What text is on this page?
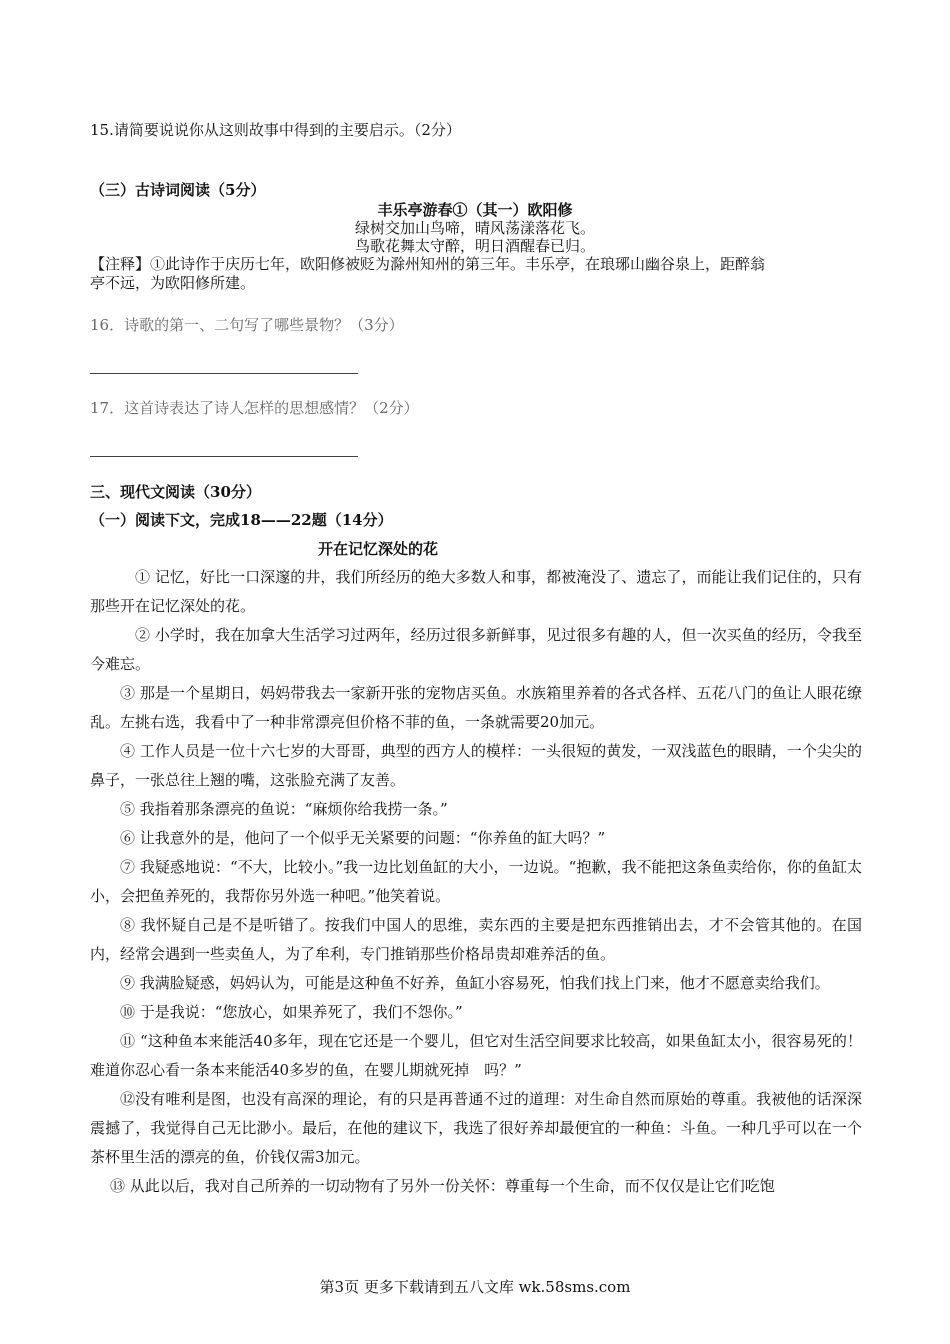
15.请简要说说你从这则故事中得到的主要启示。（2分）
（三）古诗词阅读（5分）
丰乐亭游春①（其一）欧阳修
绿树交加山鸟啼，晴风荡漾落花飞。
鸟歌花舞太守醉，明日酒醒春已归。
【注释】①此诗作于庆历七年，欧阳修被贬为滁州知州的第三年。丰乐亭，在琅琊山幽谷泉上，距醉翁
亭不远，为欧阳修所建。
16．诗歌的第一、二句写了哪些景物？（3分）
17．这首诗表达了诗人怎样的思想感情？（2分）
三、现代文阅读（30分）
（一）阅读下文，完成18——22题（14分）
开在记忆深处的花

① 记忆，好比一口深邃的井，我们所经历的绝大多数人和事，都被淹没了、遗忘了，而能让我们记住的，只有那些开在记忆深处的花。

② 小学时，我在加拿大生活学习过两年，经历过很多新鲜事，见过很多有趣的人，但一次买鱼的经历，令我至今难忘。

③ 那是一个星期日，妈妈带我去一家新开张的宠物店买鱼。水族箱里养着的各式各样、五花八门的鱼让人眼花缭乱。左挑右选，我看中了一种非常漂亮但价格不菲的鱼，一条就需要20加元。

④ 工作人员是一位十六七岁的大哥哥，典型的西方人的模样：一头很短的黄发，一双浅蓝色的眼睛，一个尖尖的鼻子，一张总往上翘的嘴，这张脸充满了友善。

⑤ 我指着那条漂亮的鱼说：“麻烦你给我捞一条。”

⑥ 让我意外的是，他问了一个似乎无关紧要的问题：“你养鱼的缸大吗？”

⑦ 我疑惑地说：“不大，比较小。”我一边比划鱼缸的大小，一边说。“抱歉，我不能把这条鱼卖给你，你的鱼缸太小，会把鱼养死的，我帮你另外选一种吧。”他笑着说。

⑧ 我怀疑自己是不是听错了。按我们中国人的思维，卖东西的主要是把东西推销出去，才不会管其他的。在国内，经常会遇到一些卖鱼人，为了牟利，专门推销那些价格昂贵却难养活的鱼。

⑨ 我满脸疑惑，妈妈认为，可能是这种鱼不好养，鱼缸小容易死，怕我们找上门来，他才不愿意卖给我们。

⑩ 于是我说：“您放心，如果养死了，我们不怨你。”

⑪ “这种鱼本来能活40多年，现在它还是一个婴儿，但它对生活空间要求比较高，如果鱼缸太小，很容易死的！难道你忍心看一条本来能活40多岁的鱼，在婴儿期就死掉　吗？”

⑫没有唯利是图，也没有高深的理论，有的只是再普通不过的道理：对生命自然而原始的尊重。我被他的话深深震撼了，我觉得自己无比渺小。最后，在他的建议下，我选了很好养却最便宜的一种鱼：斗鱼。一种几乎可以在一个茶杯里生活的漂亮的鱼，价钱仅需3加元。

⑬ 从此以后，我对自己所养的一切动物有了另外一份关怀：尊重每一个生命，而不仅仅是让它们吃饱

第3页 更多下载请到五八文库 wk.58sms.com
